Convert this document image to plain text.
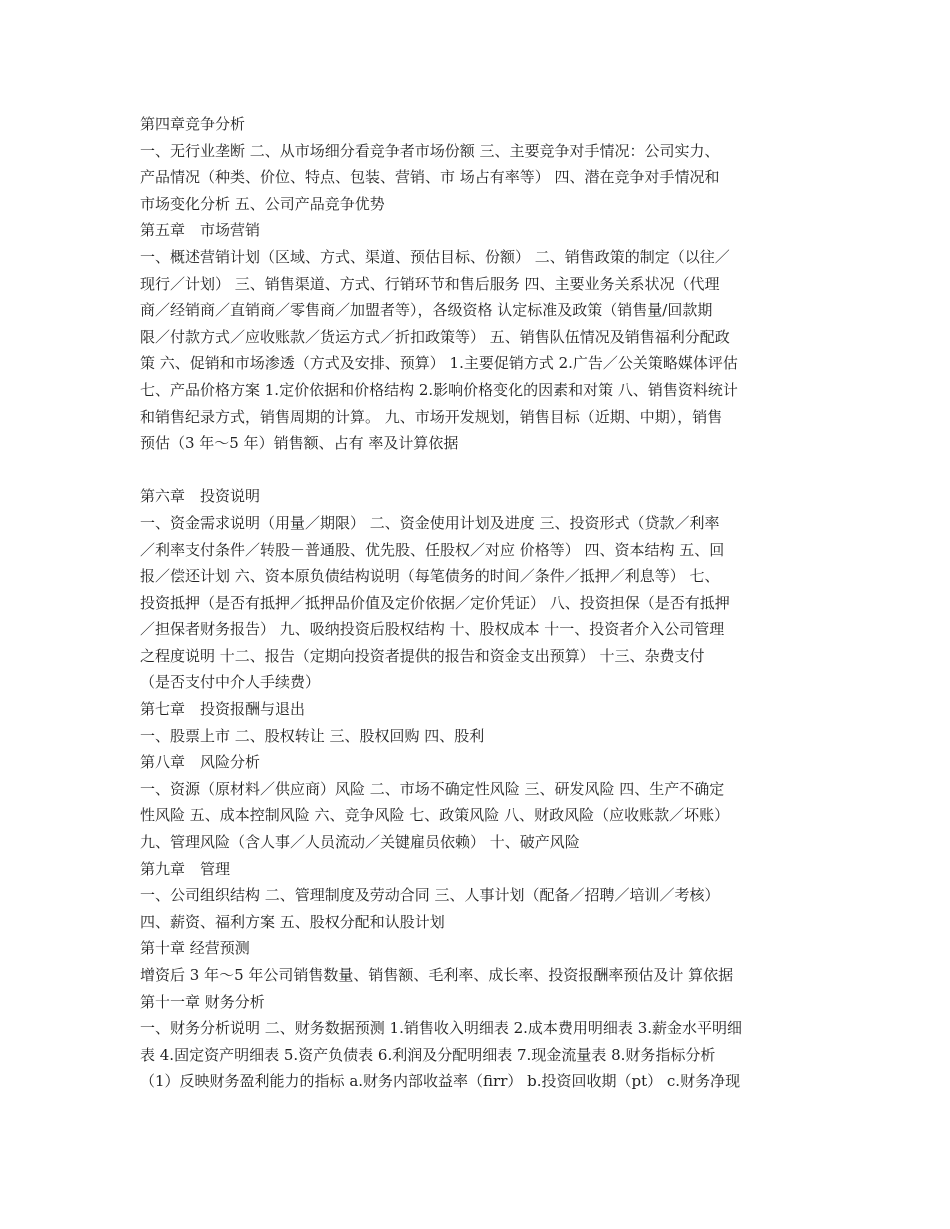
第四章竞争分析
一、无行业垄断 二、从市场细分看竞争者市场份额 三、主要竞争对手情况：公司实力、
产品情况（种类、价位、特点、包装、营销、市 场占有率等） 四、潜在竞争对手情况和
市场变化分析 五、公司产品竞争优势
第五章　市场营销
一、概述营销计划（区域、方式、渠道、预估目标、份额） 二、销售政策的制定（以往／
现行／计划） 三、销售渠道、方式、行销环节和售后服务 四、主要业务关系状况（代理
商／经销商／直销商／零售商／加盟者等），各级资格 认定标准及政策（销售量/回款期
限／付款方式／应收账款／货运方式／折扣政策等） 五、销售队伍情况及销售福利分配政
策 六、促销和市场渗透（方式及安排、预算） 1.主要促销方式 2.广告／公关策略媒体评估
七、产品价格方案 1.定价依据和价格结构 2.影响价格变化的因素和对策 八、销售资料统计
和销售纪录方式，销售周期的计算。 九、市场开发规划，销售目标（近期、中期），销售
预估（3 年～5 年）销售额、占有 率及计算依据
第六章　投资说明
一、资金需求说明（用量／期限） 二、资金使用计划及进度 三、投资形式（贷款／利率
／利率支付条件／转股－普通股、优先股、任股权／对应 价格等） 四、资本结构 五、回
报／偿还计划 六、资本原负债结构说明（每笔债务的时间／条件／抵押／利息等） 七、
投资抵押（是否有抵押／抵押品价值及定价依据／定价凭证） 八、投资担保（是否有抵押
／担保者财务报告） 九、吸纳投资后股权结构 十、股权成本 十一、投资者介入公司管理
之程度说明 十二、报告（定期向投资者提供的报告和资金支出预算） 十三、杂费支付
（是否支付中介人手续费）
第七章　投资报酬与退出
一、股票上市 二、股权转让 三、股权回购 四、股利
第八章　风险分析
一、资源（原材料／供应商）风险 二、市场不确定性风险 三、研发风险 四、生产不确定
性风险 五、成本控制风险 六、竞争风险 七、政策风险 八、财政风险（应收账款／坏账）
九、管理风险（含人事／人员流动／关键雇员依赖） 十、破产风险
第九章　管理
一、公司组织结构 二、管理制度及劳动合同 三、人事计划（配备／招聘／培训／考核）
四、薪资、福利方案 五、股权分配和认股计划
第十章 经营预测
增资后 3 年～5 年公司销售数量、销售额、毛利率、成长率、投资报酬率预估及计 算依据
第十一章 财务分析
一、财务分析说明 二、财务数据预测 1.销售收入明细表 2.成本费用明细表 3.薪金水平明细
表 4.固定资产明细表 5.资产负债表 6.利润及分配明细表 7.现金流量表 8.财务指标分析
（1）反映财务盈利能力的指标 a.财务内部收益率（firr） b.投资回收期（pt） c.财务净现
